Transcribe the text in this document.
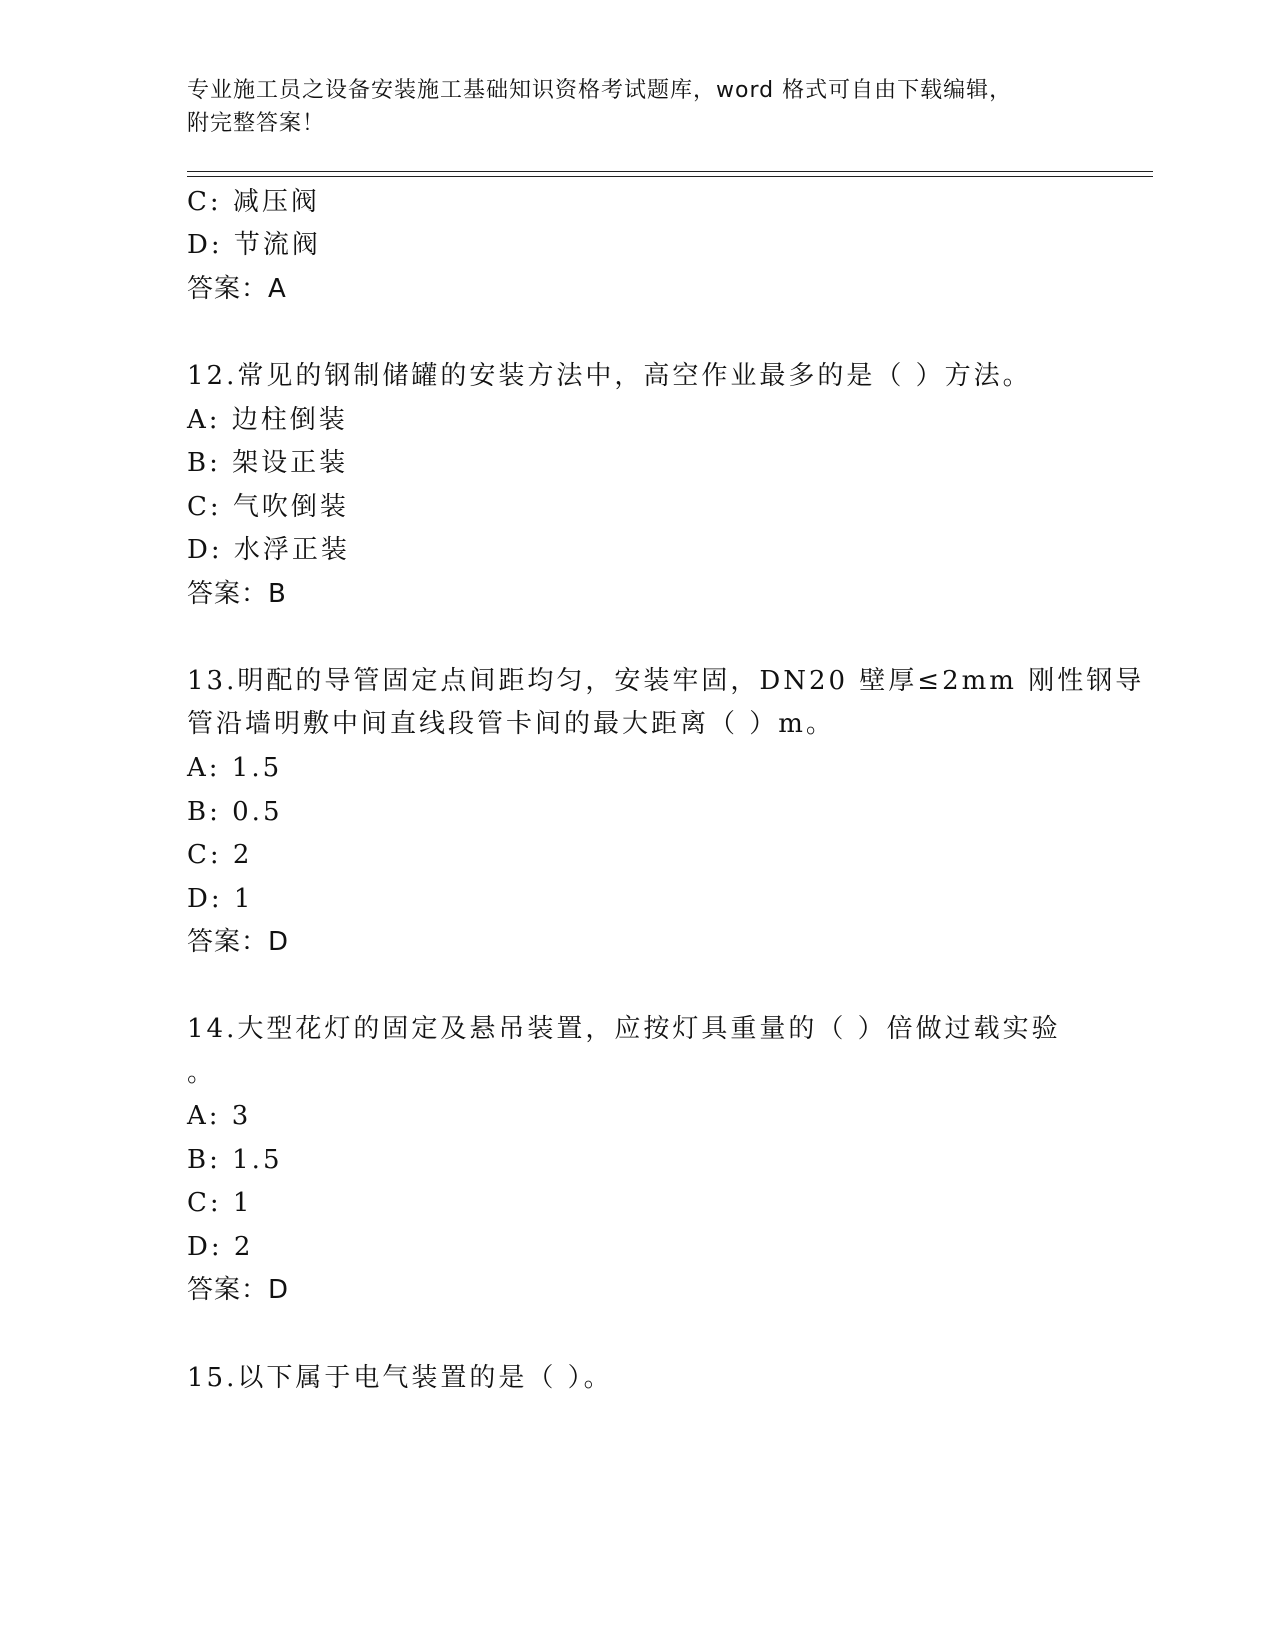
专业施工员之设备安装施工基础知识资格考试题库，word 格式可自由下载编辑，
附完整答案！
C: 减压阀
D: 节流阀
答案：A
12.常见的钢制储罐的安装方法中，高空作业最多的是（ ）方法。
A: 边柱倒装
B: 架设正装
C: 气吹倒装
D: 水浮正装
答案：B
13.明配的导管固定点间距均匀，安装牢固，DN20 壁厚≤2mm 刚性钢导
管沿墙明敷中间直线段管卡间的最大距离（ ）m。
A: 1.5
B: 0.5
C: 2
D: 1
答案：D
14.大型花灯的固定及悬吊装置，应按灯具重量的（ ）倍做过载实验
。
A: 3
B: 1.5
C: 1
D: 2
答案：D
15.以下属于电气装置的是（ ）。
